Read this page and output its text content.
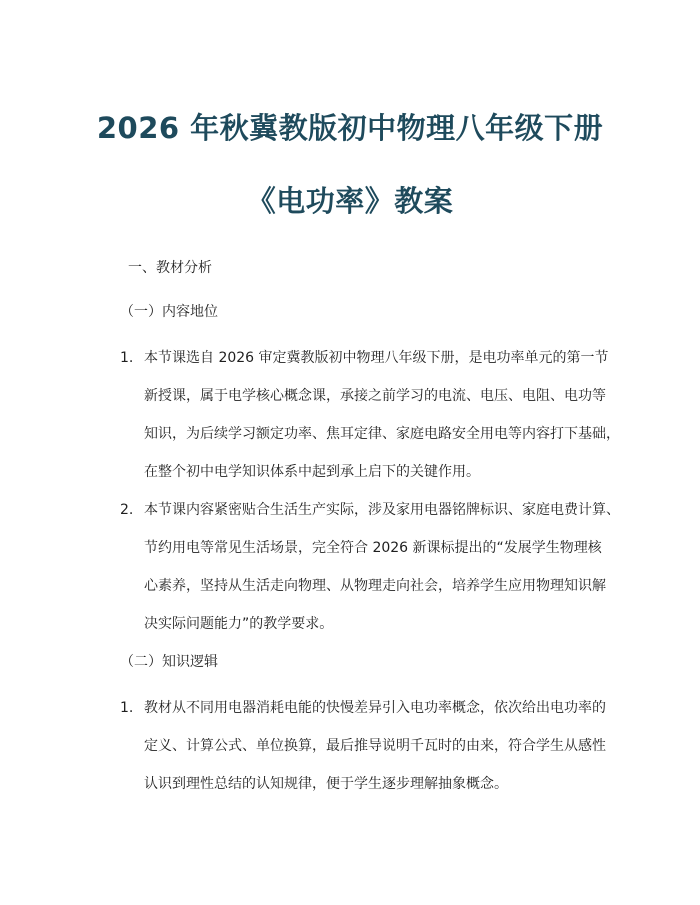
2026 年秋冀教版初中物理八年级下册
《电功率》教案

一、教材分析

（一）内容地位

1. 本节课选自 2026 审定冀教版初中物理八年级下册，是电功率单元的第一节
新授课，属于电学核心概念课，承接之前学习的电流、电压、电阻、电功等
知识，为后续学习额定功率、焦耳定律、家庭电路安全用电等内容打下基础，
在整个初中电学知识体系中起到承上启下的关键作用。
2. 本节课内容紧密贴合生活生产实际，涉及家用电器铭牌标识、家庭电费计算、
节约用电等常见生活场景，完全符合 2026 新课标提出的“发展学生物理核
心素养，坚持从生活走向物理、从物理走向社会，培养学生应用物理知识解
决实际问题能力”的教学要求。

（二）知识逻辑

1. 教材从不同用电器消耗电能的快慢差异引入电功率概念，依次给出电功率的
定义、计算公式、单位换算，最后推导说明千瓦时的由来，符合学生从感性
认识到理性总结的认知规律，便于学生逐步理解抽象概念。
